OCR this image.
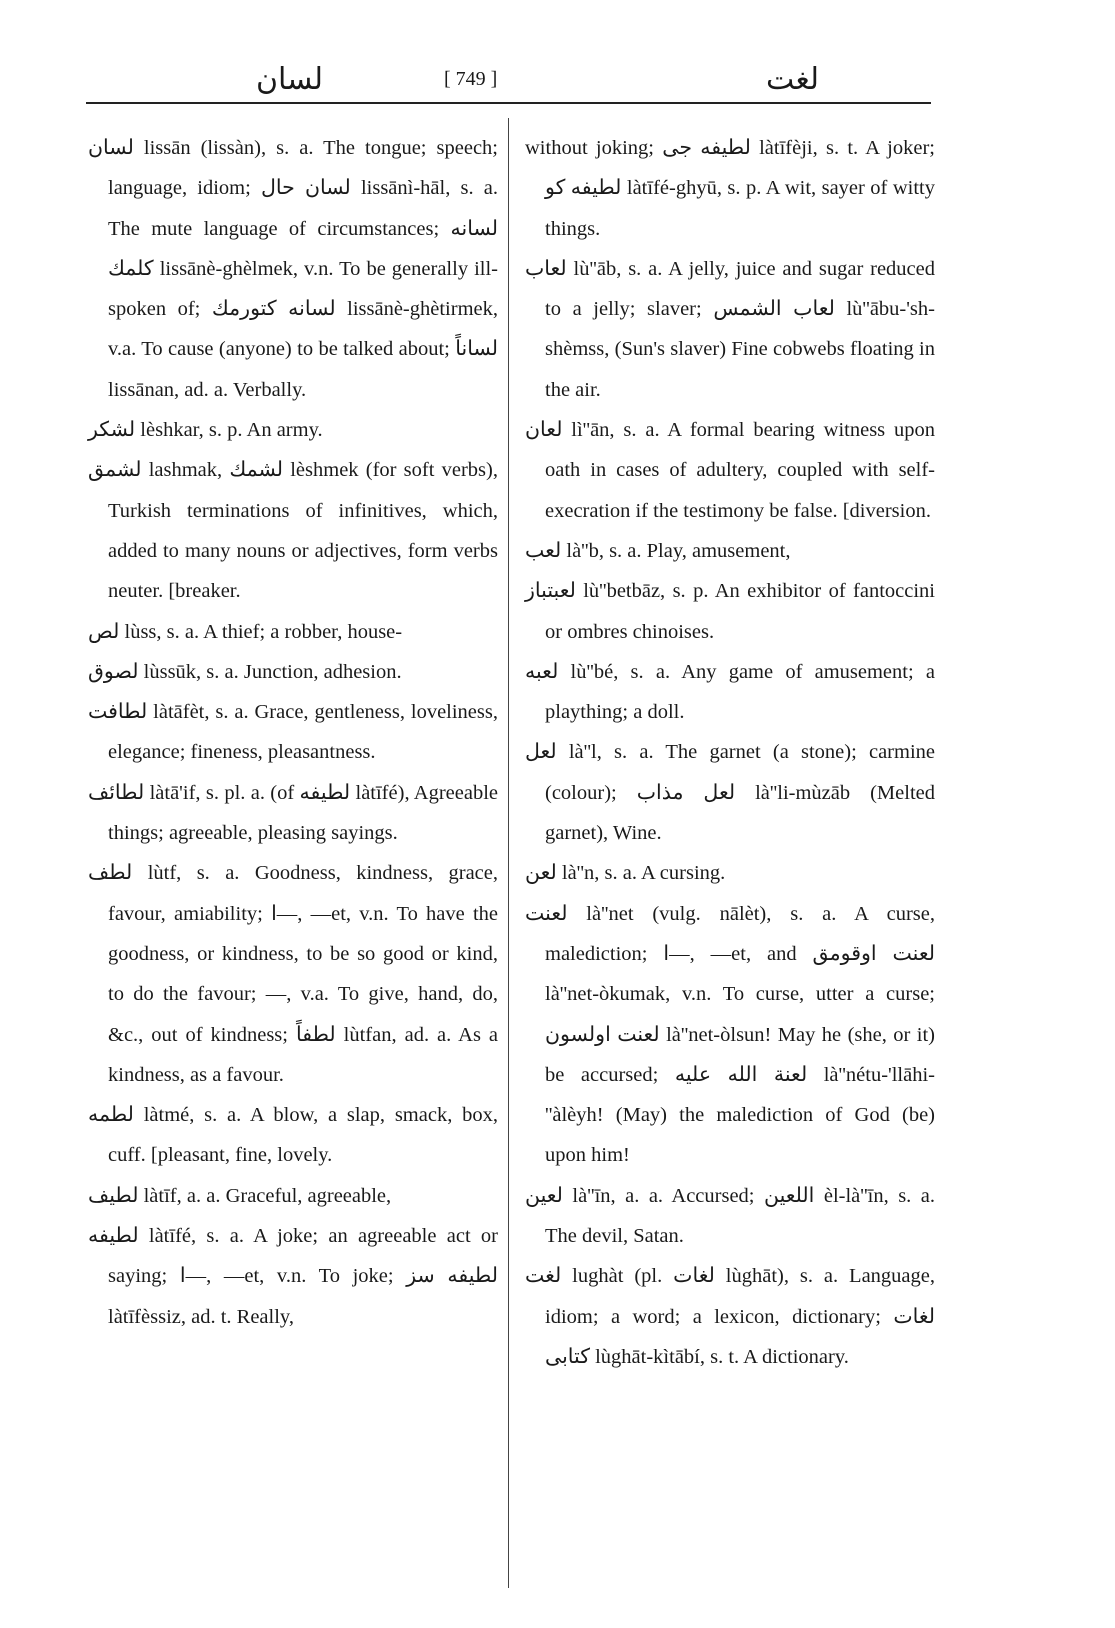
لسان	[ 749 ]	لغت

لسان lissān (lissàn), s. a. The tongue; speech; language, idiom; لسان حال lissānì-hāl, s. a. The mute language of circumstances; لسانه كلمك lissānè-ghèlmek, v.n. To be generally ill-spoken of; لسانه كتورمك lissānè-ghètirmek, v.a. To cause (anyone) to be talked about; لساناً lissānan, ad. a. Verbally.

لشكر lèshkar, s. p. An army.

لشمق lashmak, لشمك lèshmek (for soft verbs), Turkish terminations of infinitives, which, added to many nouns or adjectives, form verbs neuter. [breaker.

لص lùss, s. a. A thief; a robber, house-

لصوق lùssūk, s. a. Junction, adhesion.

لطافت làtāfèt, s. a. Grace, gentleness, loveliness, elegance; fineness, pleasantness.

لطائف làtā'if, s. pl. a. (of لطيفه làtīfé), Agreeable things; agreeable, pleasing sayings.

لطف lùtf, s. a. Goodness, kindness, grace, favour, amiability; ا—, —et, v.n. To have the goodness, or kindness, to be so good or kind, to do the favour; —, v.a. To give, hand, do, &c., out of kindness; لطفاً lùtfan, ad. a. As a kindness, as a favour.

لطمه làtmé, s. a. A blow, a slap, smack, box, cuff. [pleasant, fine, lovely.

لطيف làtīf, a. a. Graceful, agreeable,

لطيفه làtīfé, s. a. A joke; an agreeable act or saying; ا—, —et, v.n. To joke; لطيفه سز làtīfèssiz, ad. t. Really,

without joking; لطيفه جى làtīfèji, s. t. A joker; لطيفه كو làtīfé-ghyū, s. p. A wit, sayer of witty things.

لعاب lù''āb, s. a. A jelly, juice and sugar reduced to a jelly; slaver; لعاب الشمس lù''ābu-'sh-shèmss, (Sun's slaver) Fine cobwebs floating in the air.

لعان lì''ān, s. a. A formal bearing witness upon oath in cases of adultery, coupled with self-execration if the testimony be false. [diversion.

لعب là''b, s. a. Play, amusement,

لعبتباز lù''betbāz, s. p. An exhibitor of fantoccini or ombres chinoises.

لعبه lù''bé, s. a. Any game of amusement; a plaything; a doll.

لعل là''l, s. a. The garnet (a stone); carmine (colour); لعل مذاب là''li-mùzāb (Melted garnet), Wine.

لعن là''n, s. a. A cursing.

لعنت là''net (vulg. nālèt), s. a. A curse, malediction; ا—, —et, and لعنت اوقومق là''net-òkumak, v.n. To curse, utter a curse; لعنت اولسون là''net-òlsun! May he (she, or it) be accursed; لعنة الله عليه là''nétu-'llāhi-''àlèyh! (May) the malediction of God (be) upon him!

لعين là''īn, a. a. Accursed; اللعين èl-là''īn, s. a. The devil, Satan.

لغت lughàt (pl. لغات lùghāt), s. a. Language, idiom; a word; a lexicon, dictionary; لغات كتابى lùghāt-kìtābí, s. t. A dictionary.
